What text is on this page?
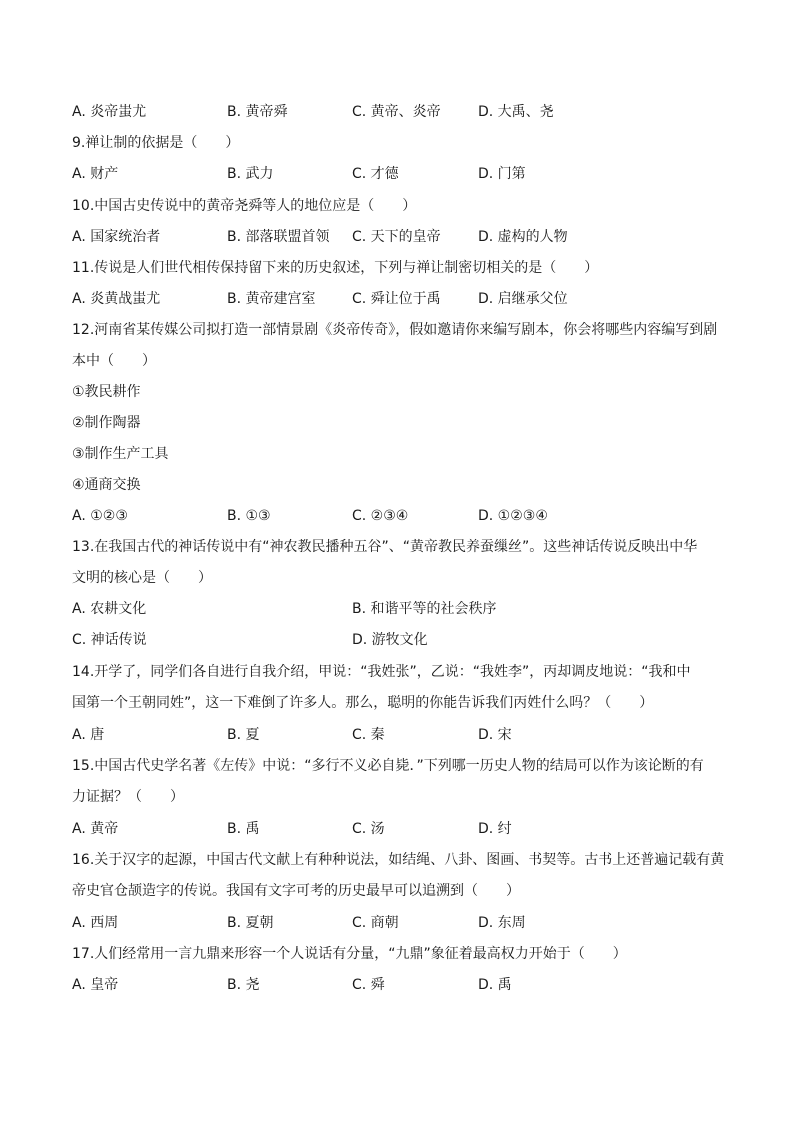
A. 炎帝蚩尤	B. 黄帝舜	C. 黄帝、炎帝	D. 大禹、尧
9.禅让制的依据是（　　）
A. 财产	B. 武力	C. 才德	D. 门第
10.中国古史传说中的黄帝尧舜等人的地位应是（　　）
A. 国家统治者	B. 部落联盟首领 C. 天下的皇帝	D. 虚构的人物
11.传说是人们世代相传保持留下来的历史叙述，下列与禅让制密切相关的是（　　）
A. 炎黄战蚩尤	B. 黄帝建宫室	C. 舜让位于禹	D. 启继承父位
12.河南省某传媒公司拟打造一部情景剧《炎帝传奇》，假如邀请你来编写剧本，你会将哪些内容编写到剧
本中（　　）
①教民耕作
②制作陶器
③制作生产工具
④通商交换
A. ①②③	B. ①③	C. ②③④	D. ①②③④
13.在我国古代的神话传说中有“神农教民播种五谷”、“黄帝教民养蚕缫丝”。这些神话传说反映出中华
文明的核心是（　　）
A. 农耕文化	B. 和谐平等的社会秩序
C. 神话传说	D. 游牧文化
14.开学了，同学们各自进行自我介绍，甲说：“我姓张”，乙说：“我姓李”，丙却调皮地说：“我和中
国第一个王朝同姓”，这一下难倒了许多人。那么，聪明的你能告诉我们丙姓什么吗？（　　）
A. 唐	B. 夏	C. 秦	D. 宋
15.中国古代史学名著《左传》中说：“多行不义必自毙．”下列哪一历史人物的结局可以作为该论断的有
力证据？（　　）
A. 黄帝	B. 禹	C. 汤	D. 纣
16.关于汉字的起源，中国古代文献上有种种说法，如结绳、八卦、图画、书契等。古书上还普遍记载有黄
帝史官仓颉造字的传说。我国有文字可考的历史最早可以追溯到（　　）
A. 西周	B. 夏朝	C. 商朝	D. 东周
17.人们经常用一言九鼎来形容一个人说话有分量，“九鼎”象征着最高权力开始于（　　）
A. 皇帝	B. 尧	C. 舜	D. 禹
